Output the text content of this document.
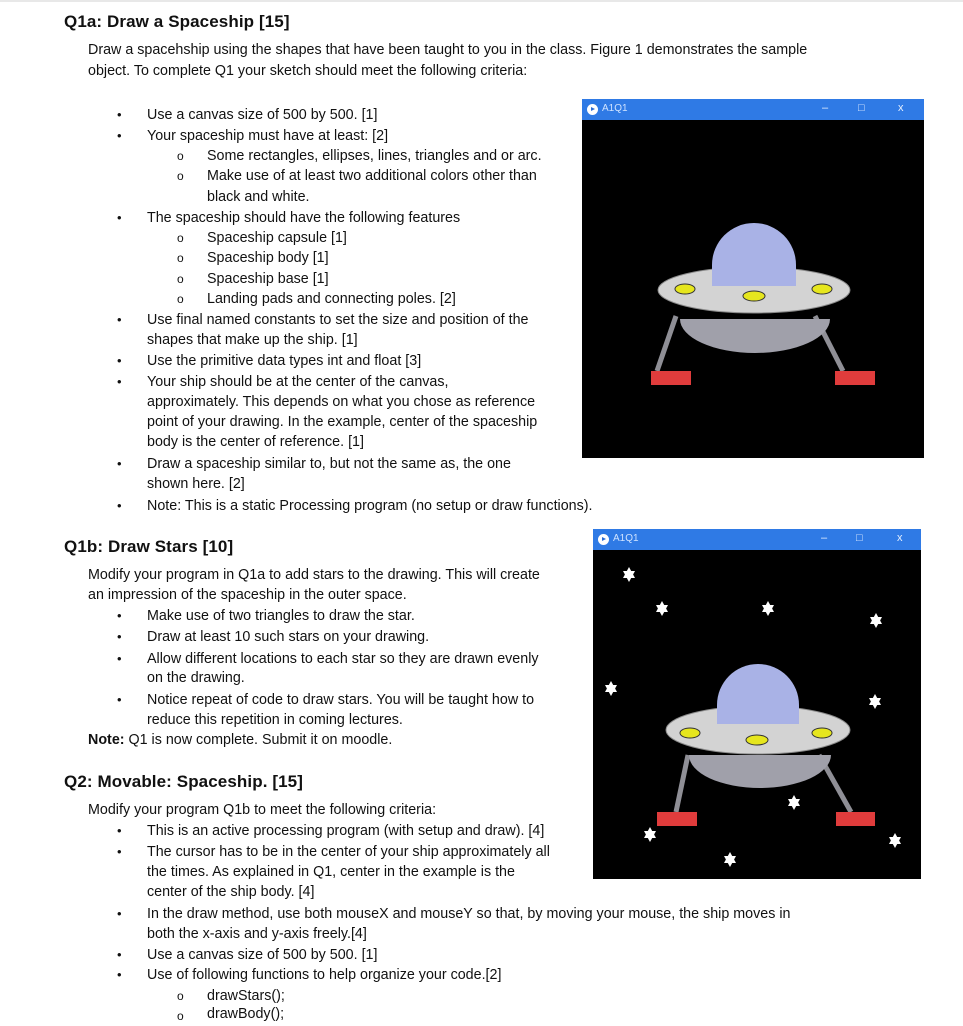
Q1a: Draw a Spaceship [15]
Draw a spacehship using the shapes that have been taught to you in the class. Figure 1 demonstrates the sample
object. To complete Q1 your sketch should meet the following criteria:
• Use a canvas size of 500 by 500. [1]
• Your spaceship must have at least: [2]
o Some rectangles, ellipses, lines, triangles and or arc.
o Make use of at least two additional colors other than
black and white.
• The spaceship should have the following features
o Spaceship capsule [1]
o Spaceship body [1]
o Spaceship base [1]
o Landing pads and connecting poles. [2]
• Use final named constants to set the size and position of the
shapes that make up the ship. [1]
• Use the primitive data types int and float [3]
• Your ship should be at the center of the canvas,
approximately. This depends on what you chose as reference
point of your drawing. In the example, center of the spaceship
body is the center of reference. [1]
• Draw a spaceship similar to, but not the same as, the one
shown here. [2]
• Note: This is a static Processing program (no setup or draw functions).
A1Q1	–	□	x
Q1b: Draw Stars [10]
Modify your program in Q1a to add stars to the drawing. This will create
an impression of the spaceship in the outer space.
• Make use of two triangles to draw the star.
• Draw at least 10 such stars on your drawing.
• Allow different locations to each star so they are drawn evenly
on the drawing.
• Notice repeat of code to draw stars. You will be taught how to
reduce this repetition in coming lectures.
Note: Q1 is now complete. Submit it on moodle.
A1Q1	–	□	x
Q2: Movable: Spaceship. [15]
Modify your program Q1b to meet the following criteria:
• This is an active processing program (with setup and draw). [4]
• The cursor has to be in the center of your ship approximately all
the times. As explained in Q1, center in the example is the
center of the ship body. [4]
• In the draw method, use both mouseX and mouseY so that, by moving your mouse, the ship moves in
both the x-axis and y-axis freely.[4]
• Use a canvas size of 500 by 500. [1]
• Use of following functions to help organize your code.[2]
o drawStars();
o drawBody();
